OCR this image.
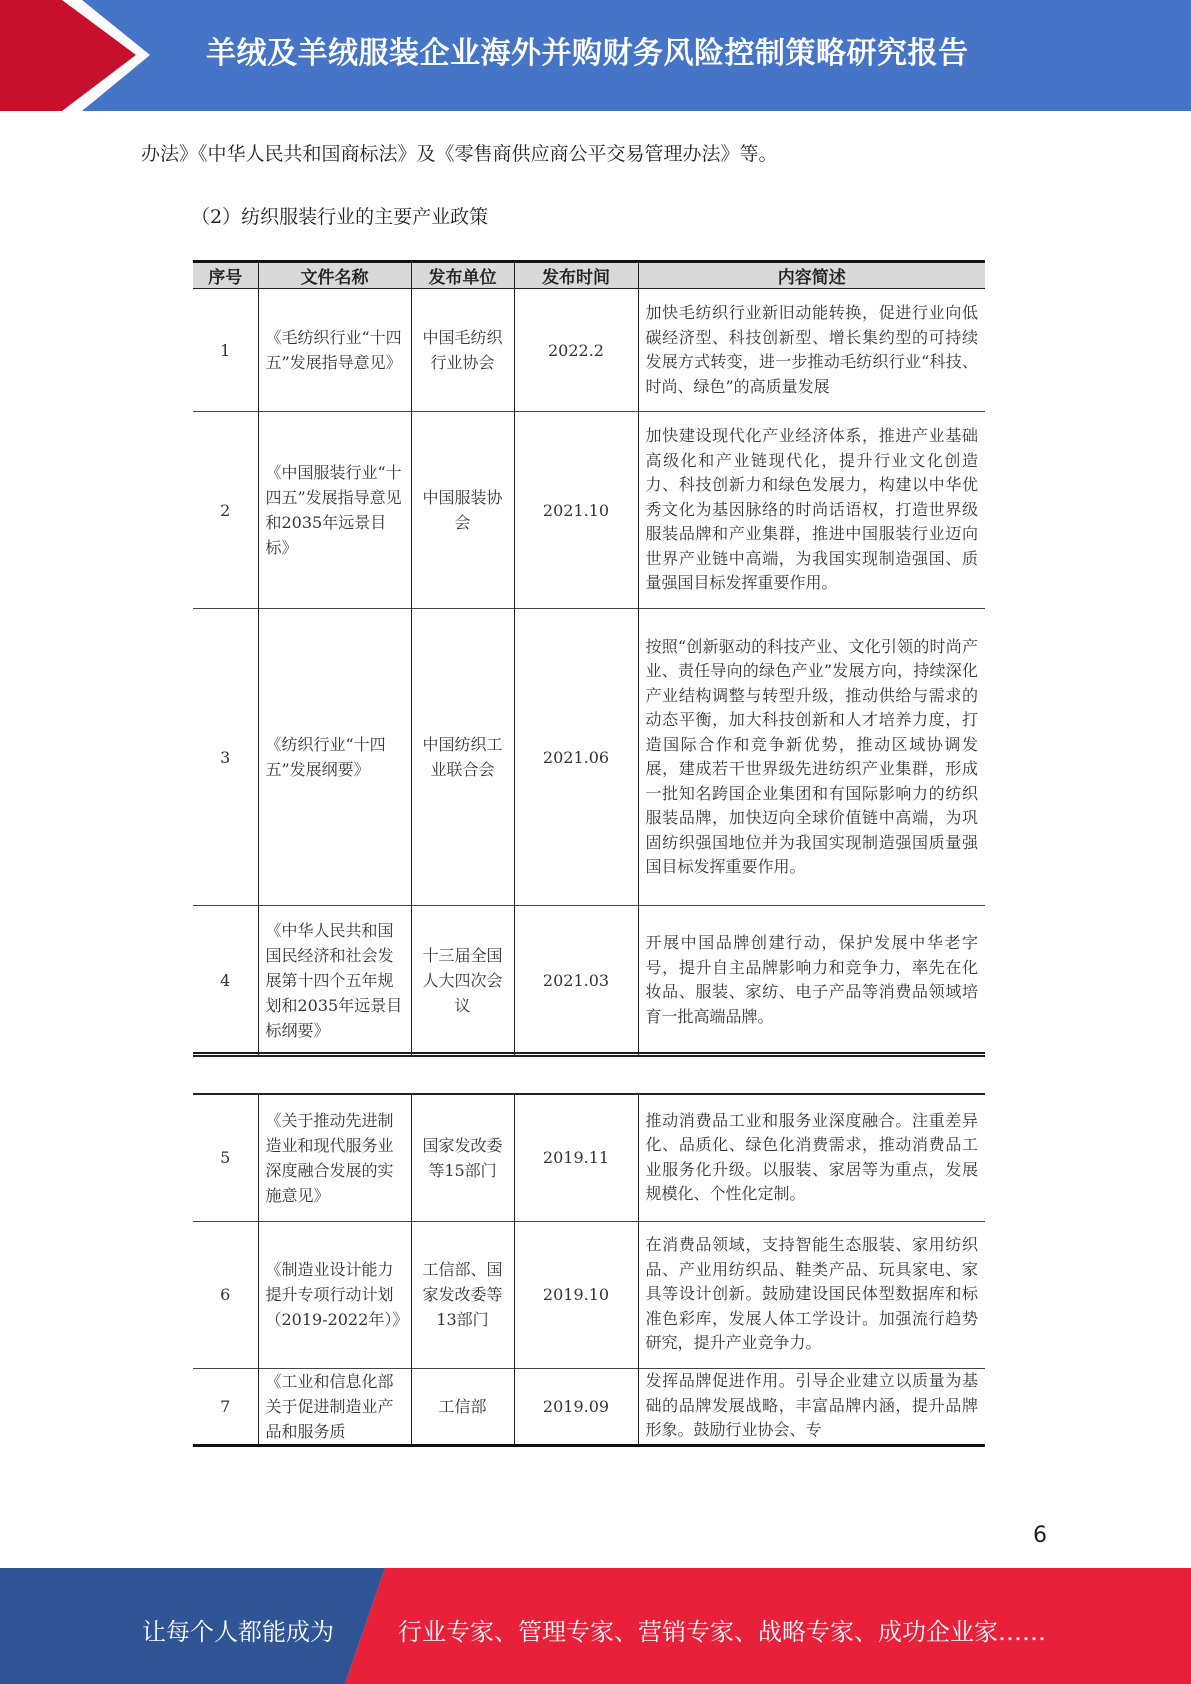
羊绒及羊绒服装企业海外并购财务风险控制策略研究报告
办法》《中华人民共和国商标法》及《零售商供应商公平交易管理办法》等。
（2）纺织服装行业的主要产业政策
序号	文件名称	发布单位	发布时间	内容简述
1	《毛纺织行业“十四五”发展指导意见》	中国毛纺织行业协会	2022.2	加快毛纺织行业新旧动能转换，促进行业向低碳经济型、科技创新型、增长集约型的可持续发展方式转变，进一步推动毛纺织行业“科技、时尚、绿色”的高质量发展
2	《中国服装行业“十四五”发展指导意见和2035年远景目标》	中国服装协会	2021.10	加快建设现代化产业经济体系，推进产业基础高级化和产业链现代化，提升行业文化创造力、科技创新力和绿色发展力，构建以中华优秀文化为基因脉络的时尚话语权，打造世界级服装品牌和产业集群，推进中国服装行业迈向世界产业链中高端，为我国实现制造强国、质量强国目标发挥重要作用。
3	《纺织行业“十四五”发展纲要》	中国纺织工业联合会	2021.06	按照“创新驱动的科技产业、文化引领的时尚产业、责任导向的绿色产业”发展方向，持续深化产业结构调整与转型升级，推动供给与需求的动态平衡，加大科技创新和人才培养力度，打造国际合作和竞争新优势，推动区域协调发展，建成若干世界级先进纺织产业集群，形成一批知名跨国企业集团和有国际影响力的纺织服装品牌，加快迈向全球价值链中高端，为巩固纺织强国地位并为我国实现制造强国质量强国目标发挥重要作用。
4	《中华人民共和国国民经济和社会发展第十四个五年规划和2035年远景目标纲要》	十三届全国人大四次会议	2021.03	开展中国品牌创建行动，保护发展中华老字号，提升自主品牌影响力和竞争力，率先在化妆品、服装、家纺、电子产品等消费品领域培育一批高端品牌。
5	《关于推动先进制造业和现代服务业深度融合发展的实施意见》	国家发改委等15部门	2019.11	推动消费品工业和服务业深度融合。注重差异化、品质化、绿色化消费需求，推动消费品工业服务化升级。以服装、家居等为重点，发展规模化、个性化定制。
6	《制造业设计能力提升专项行动计划（2019-2022年）》	工信部、国家发改委等13部门	2019.10	在消费品领域，支持智能生态服装、家用纺织品、产业用纺织品、鞋类产品、玩具家电、家具等设计创新。鼓励建设国民体型数据库和标准色彩库，发展人体工学设计。加强流行趋势研究，提升产业竞争力。
7	《工业和信息化部关于促进制造业产品和服务质	工信部	2019.09	发挥品牌促进作用。引导企业建立以质量为基础的品牌发展战略，丰富品牌内涵，提升品牌形象。鼓励行业协会、专
6
让每个人都能成为	行业专家、管理专家、营销专家、战略专家、成功企业家……
